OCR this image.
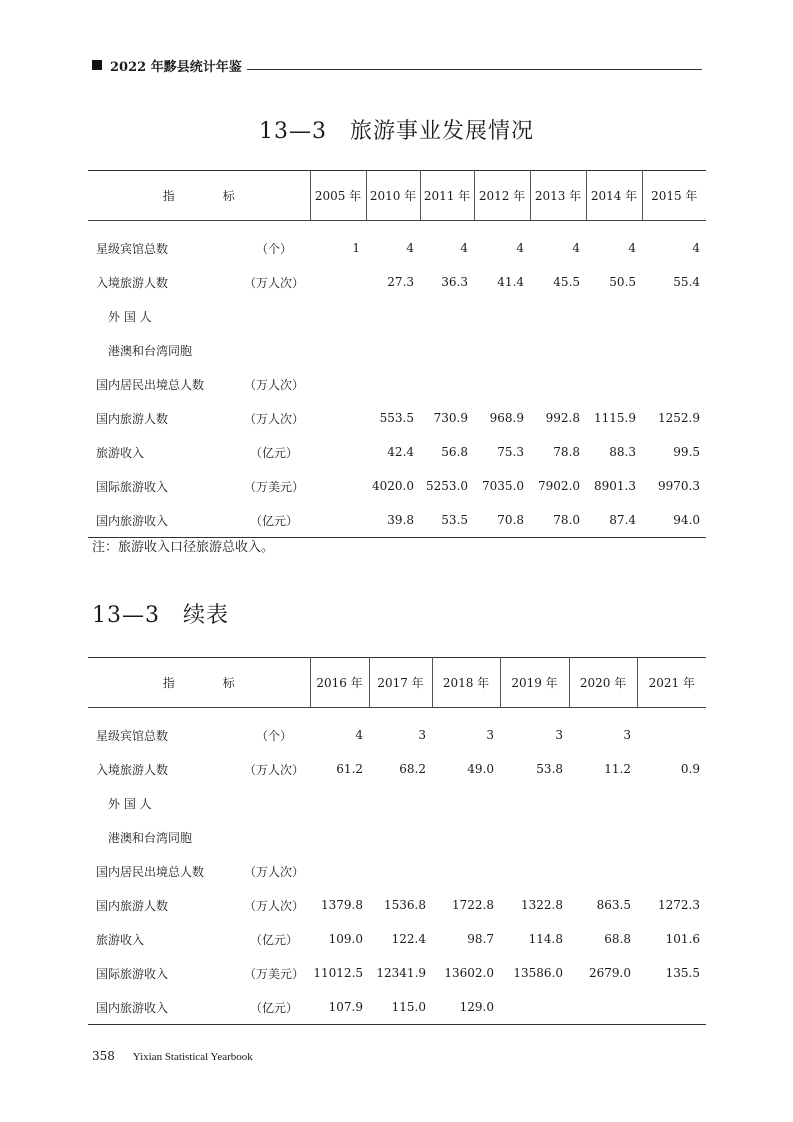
2022 年黟县统计年鉴
13—3　旅游事业发展情况
指　　　　标		2005 年	2010 年	2011 年	2012 年	2013 年	2014 年	2015 年
星级宾馆总数	（个）	1	4	4	4	4	4	4
入境旅游人数	（万人次）		27.3	36.3	41.4	45.5	50.5	55.4
外 国 人								
港澳和台湾同胞								
国内居民出境总人数	（万人次）							
国内旅游人数	（万人次）		553.5	730.9	968.9	992.8	1115.9	1252.9
旅游收入	（亿元）		42.4	56.8	75.3	78.8	88.3	99.5
国际旅游收入	（万美元）		4020.0	5253.0	7035.0	7902.0	8901.3	9970.3
国内旅游收入	（亿元）		39.8	53.5	70.8	78.0	87.4	94.0
注：旅游收入口径旅游总收入。
13—3　续表
指　　　　标		2016 年	2017 年	2018 年	2019 年	2020 年	2021 年
星级宾馆总数	（个）	4	3	3	3	3	
入境旅游人数	（万人次）	61.2	68.2	49.0	53.8	11.2	0.9
外 国 人							
港澳和台湾同胞							
国内居民出境总人数	（万人次）						
国内旅游人数	（万人次）	1379.8	1536.8	1722.8	1322.8	863.5	1272.3
旅游收入	（亿元）	109.0	122.4	98.7	114.8	68.8	101.6
国际旅游收入	（万美元）	11012.5	12341.9	13602.0	13586.0	2679.0	135.5
国内旅游收入	（亿元）	107.9	115.0	129.0			
358 Yixian Statistical Yearbook
